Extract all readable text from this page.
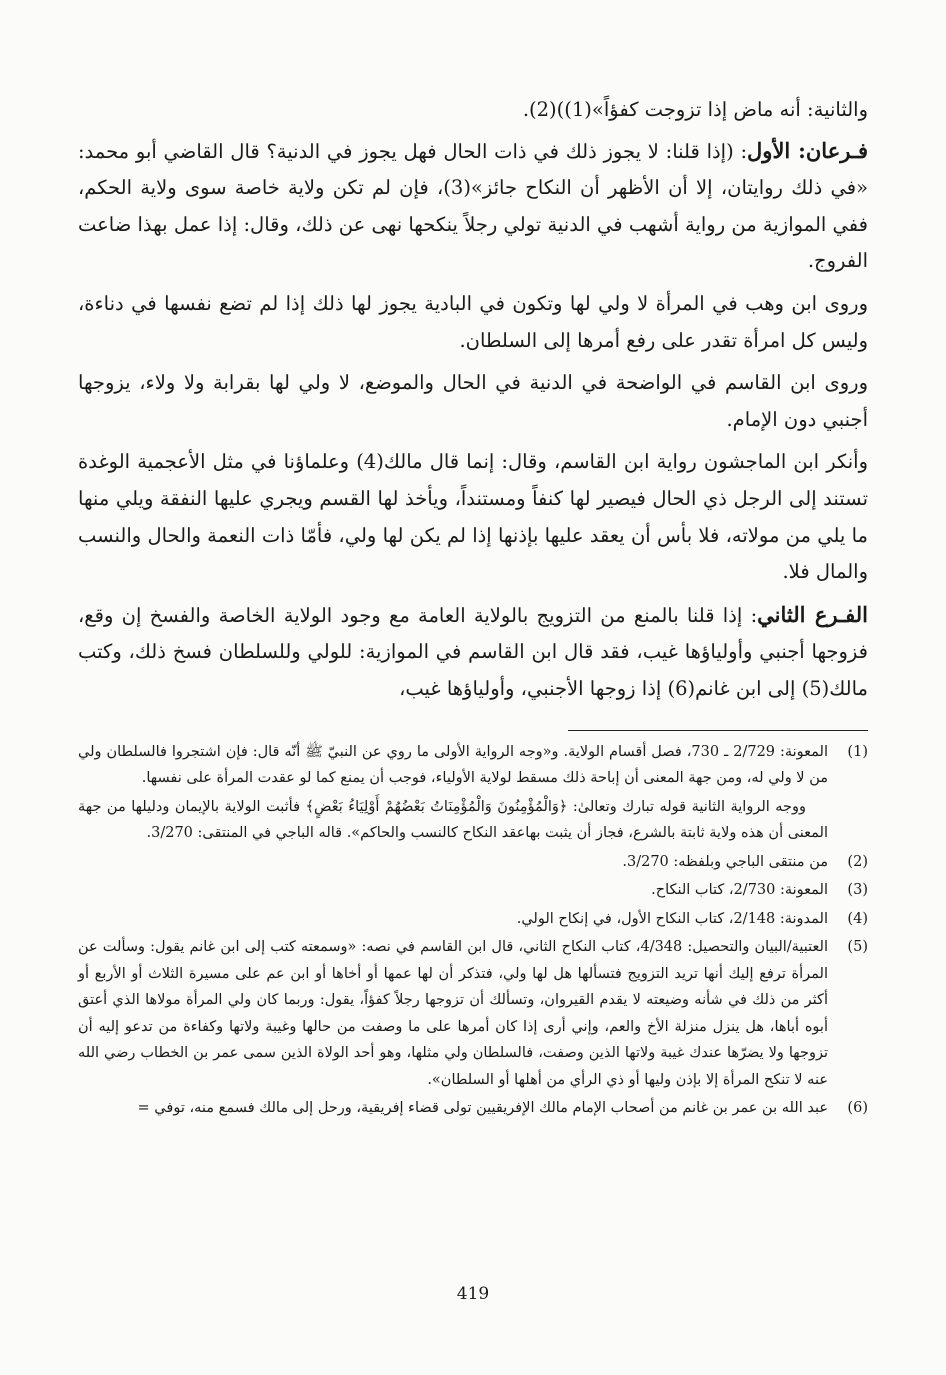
والثانية: أنه ماض إذا تزوجت كفؤاً»(1))(2).

فـرعان: الأول: (إذا قلنا: لا يجوز ذلك في ذات الحال فهل يجوز في الدنية؟ قال القاضي أبو محمد: «في ذلك روايتان، إلا أن الأظهر أن النكاح جائز»(3)، فإن لم تكن ولاية خاصة سوى ولاية الحكم، ففي الموازية من رواية أشهب في الدنية تولي رجلاً ينكحها نهى عن ذلك، وقال: إذا عمل بهذا ضاعت الفروج.

وروى ابن وهب في المرأة لا ولي لها وتكون في البادية يجوز لها ذلك إذا لم تضع نفسها في دناءة، وليس كل امرأة تقدر على رفع أمرها إلى السلطان.

وروى ابن القاسم في الواضحة في الدنية في الحال والموضع، لا ولي لها بقرابة ولا ولاء، يزوجها أجنبي دون الإمام.

وأنكر ابن الماجشون رواية ابن القاسم، وقال: إنما قال مالك(4) وعلماؤنا في مثل الأعجمية الوغدة تستند إلى الرجل ذي الحال فيصير لها كنفاً ومستنداً، ويأخذ لها القسم ويجري عليها النفقة ويلي منها ما يلي من مولاته، فلا بأس أن يعقد عليها بإذنها إذا لم يكن لها ولي، فأمّا ذات النعمة والحال والنسب والمال فلا.

الفـرع الثاني: إذا قلنا بالمنع من التزويج بالولاية العامة مع وجود الولاية الخاصة والفسخ إن وقع، فزوجها أجنبي وأولياؤها غيب، فقد قال ابن القاسم في الموازية: للولي وللسلطان فسخ ذلك، وكتب مالك(5) إلى ابن غانم(6) إذا زوجها الأجنبي، وأولياؤها غيب،

(1)
المعونة: 2/729 ـ 730، فصل أقسام الولاية. و«وجه الرواية الأولى ما روي عن النبيّ ﷺ أنّه قال: فإن اشتجروا فالسلطان ولي من لا ولي له، ومن جهة المعنى أن إباحة ذلك مسقط لولاية الأولياء، فوجب أن يمنع كما لو عقدت المرأة على نفسها.
ووجه الرواية الثانية قوله تبارك وتعالىٰ: ﴿وَالْمُؤْمِنُونَ وَالْمُؤْمِنَاتُ بَعْضُهُمْ أَوْلِيَاءُ بَعْضٍ﴾ فأثبت الولاية بالإيمان ودليلها من جهة المعنى أن هذه ولاية ثابتة بالشرع، فجاز أن يثبت بهاعقد النكاح كالنسب والحاكم». قاله الباجي في المنتقى: 3/270.
(2)
من منتقى الباجي وبلفظه: 3/270.
(3)
المعونة: 2/730، كتاب النكاح.
(4)
المدونة: 2/148، كتاب النكاح الأول، في إنكاح الولي.
(5)
العتبية/البيان والتحصيل: 4/348، كتاب النكاح الثاني، قال ابن القاسم في نصه: «وسمعته كتب إلى ابن غانم يقول: وسألت عن المرأة ترفع إليك أنها تريد التزويج فتسألها هل لها ولي، فتذكر أن لها عمها أو أخاها أو ابن عم على مسيرة الثلاث أو الأربع أو أكثر من ذلك في شأنه وضيعته لا يقدم القيروان، وتسألك أن تزوجها رجلاً كفؤاً، يقول: وربما كان ولي المرأة مولاها الذي أعتق أبوه أباها، هل ينزل منزلة الأخ والعم، وإني أرى إذا كان أمرها على ما وصفت من حالها وغيبة ولاتها وكفاءة من تدعو إليه أن تزوجها ولا يضرّها عندك غيبة ولاتها الذين وصفت، فالسلطان ولي مثلها، وهو أحد الولاة الذين سمى عمر بن الخطاب رضي الله عنه لا تنكح المرأة إلا بإذن وليها أو ذي الرأي من أهلها أو السلطان».
(6)
عبد الله بن عمر بن غانم من أصحاب الإمام مالك الإفريقيين تولى قضاء إفريقية، ورحل إلى مالك فسمع منه، توفي =
419
